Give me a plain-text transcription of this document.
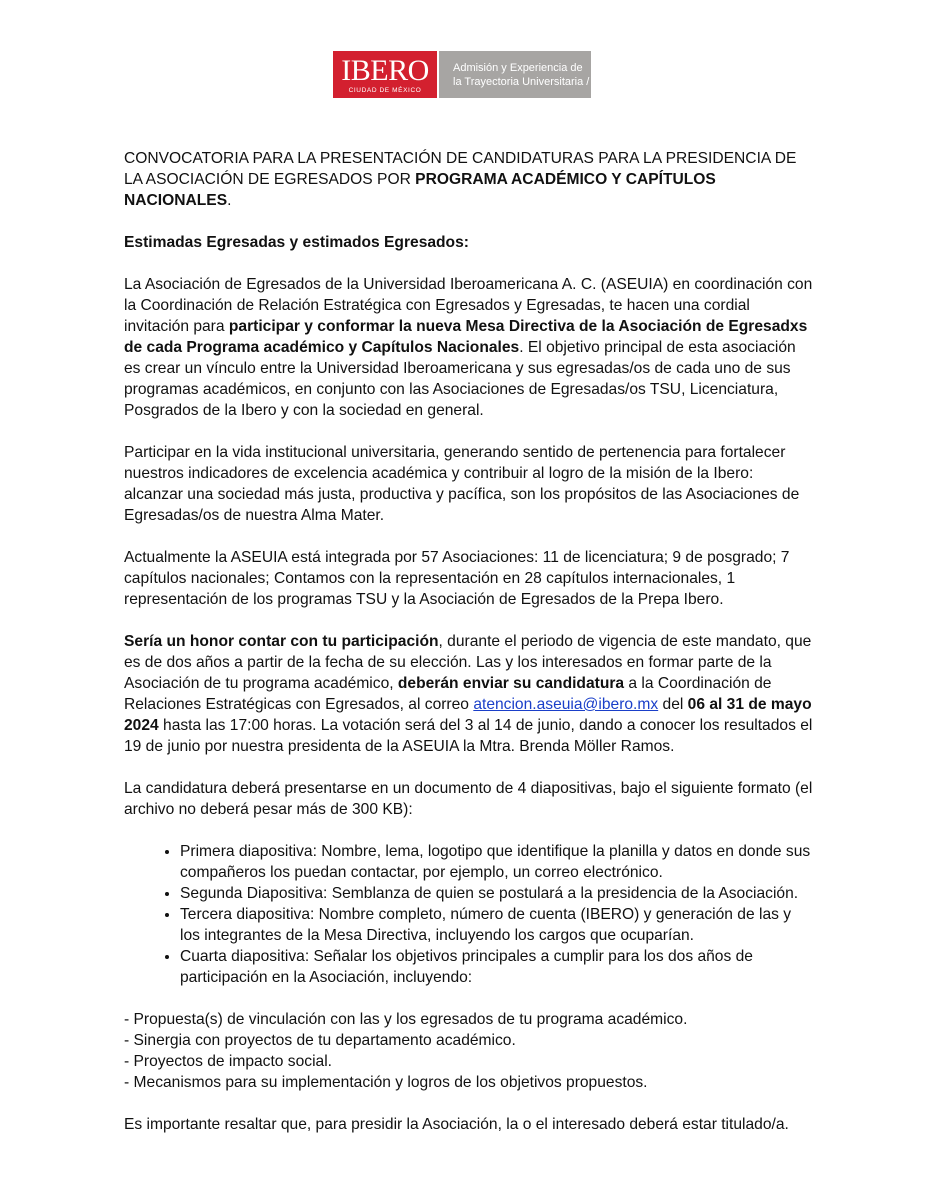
IBERO
CIUDAD DE MÉXICO
Admisión y Experiencia de
la Trayectoria Universitaria /

CONVOCATORIA PARA LA PRESENTACIÓN DE CANDIDATURAS PARA LA PRESIDENCIA DE LA ASOCIACIÓN DE EGRESADOS POR PROGRAMA ACADÉMICO Y CAPÍTULOS NACIONALES.

Estimadas Egresadas y estimados Egresados:

La Asociación de Egresados de la Universidad Iberoamericana A. C. (ASEUIA) en coordinación con la Coordinación de Relación Estratégica con Egresados y Egresadas, te hacen una cordial invitación para participar y conformar la nueva Mesa Directiva de la Asociación de Egresadxs de cada Programa académico y Capítulos Nacionales. El objetivo principal de esta asociación es crear un vínculo entre la Universidad Iberoamericana y sus egresadas/os de cada uno de sus programas académicos, en conjunto con las Asociaciones de Egresadas/os TSU, Licenciatura, Posgrados de la Ibero y con la sociedad en general.

Participar en la vida institucional universitaria, generando sentido de pertenencia para fortalecer nuestros indicadores de excelencia académica y contribuir al logro de la misión de la Ibero: alcanzar una sociedad más justa, productiva y pacífica, son los propósitos de las Asociaciones de Egresadas/os de nuestra Alma Mater.

Actualmente la ASEUIA está integrada por 57 Asociaciones: 11 de licenciatura; 9 de posgrado; 7 capítulos nacionales; Contamos con la representación en 28 capítulos internacionales, 1 representación de los programas TSU y la Asociación de Egresados de la Prepa Ibero.

Sería un honor contar con tu participación, durante el periodo de vigencia de este mandato, que es de dos años a partir de la fecha de su elección. Las y los interesados en formar parte de la Asociación de tu programa académico, deberán enviar su candidatura a la Coordinación de Relaciones Estratégicas con Egresados, al correo atencion.aseuia@ibero.mx del 06 al 31 de mayo 2024 hasta las 17:00 horas. La votación será del 3 al 14 de junio, dando a conocer los resultados el 19 de junio por nuestra presidenta de la ASEUIA la Mtra. Brenda Möller Ramos.

La candidatura deberá presentarse en un documento de 4 diapositivas, bajo el siguiente formato (el archivo no deberá pesar más de 300 KB):

• Primera diapositiva: Nombre, lema, logotipo que identifique la planilla y datos en donde sus compañeros los puedan contactar, por ejemplo, un correo electrónico.
• Segunda Diapositiva: Semblanza de quien se postulará a la presidencia de la Asociación.
• Tercera diapositiva: Nombre completo, número de cuenta (IBERO) y generación de las y los integrantes de la Mesa Directiva, incluyendo los cargos que ocuparían.
• Cuarta diapositiva: Señalar los objetivos principales a cumplir para los dos años de participación en la Asociación, incluyendo:
- Propuesta(s) de vinculación con las y los egresados de tu programa académico.
- Sinergia con proyectos de tu departamento académico.
- Proyectos de impacto social.
- Mecanismos para su implementación y logros de los objetivos propuestos.

Es importante resaltar que, para presidir la Asociación, la o el interesado deberá estar titulado/a.
